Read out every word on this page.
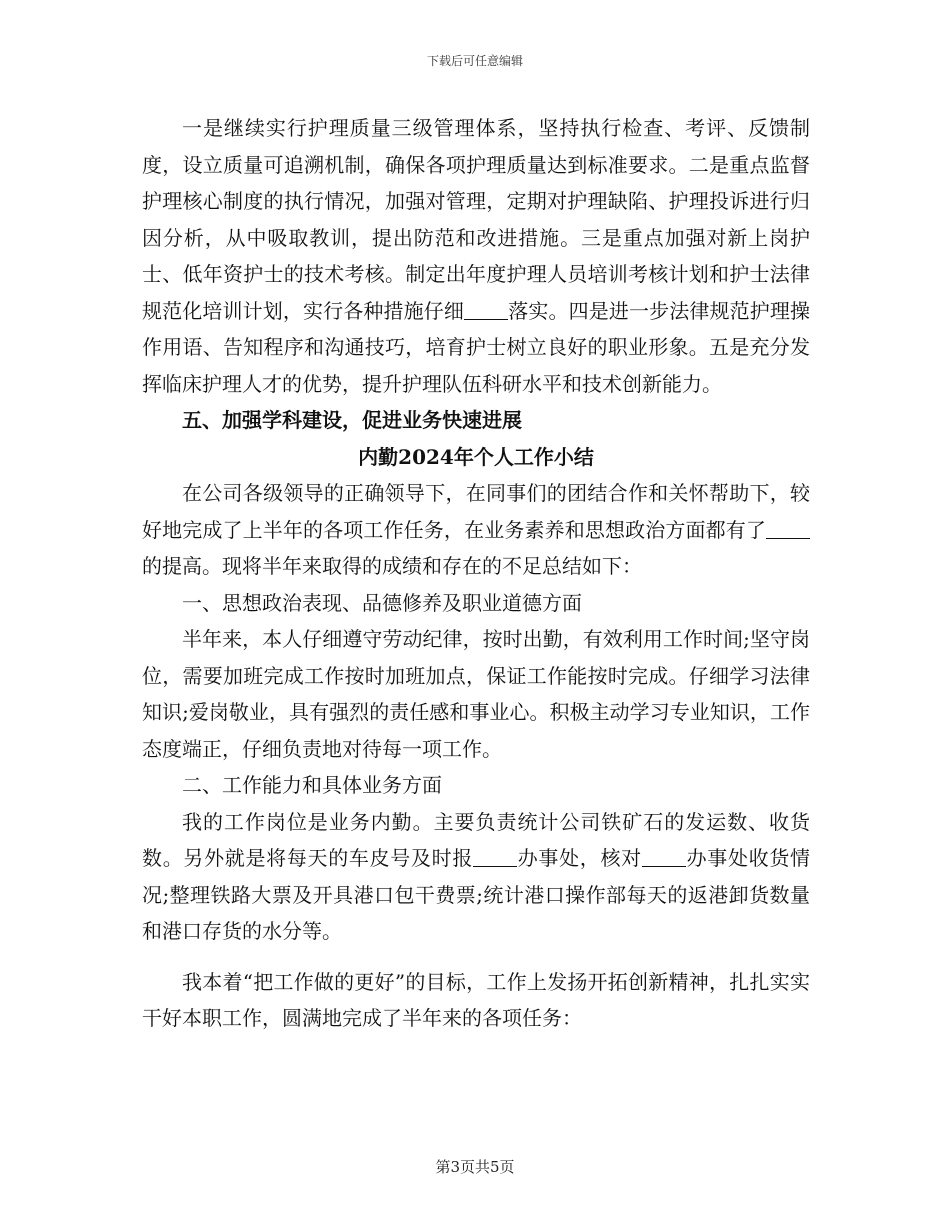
下载后可任意编辑

一是继续实行护理质量三级管理体系，坚持执行检查、考评、反馈制度，设立质量可追溯机制，确保各项护理质量达到标准要求。二是重点监督护理核心制度的执行情况，加强对管理，定期对护理缺陷、护理投诉进行归因分析，从中吸取教训，提出防范和改进措施。三是重点加强对新上岗护士、低年资护士的技术考核。制定出年度护理人员培训考核计划和护士法律规范化培训计划，实行各种措施仔细 落实。四是进一步法律规范护理操作用语、告知程序和沟通技巧，培育护士树立良好的职业形象。五是充分发挥临床护理人才的优势，提升护理队伍科研水平和技术创新能力。

五、加强学科建设，促进业务快速进展

内勤2024年个人工作小结

在公司各级领导的正确领导下，在同事们的团结合作和关怀帮助下，较好地完成了上半年的各项工作任务，在业务素养和思想政治方面都有了的提高。现将半年来取得的成绩和存在的不足总结如下：

一、思想政治表现、品德修养及职业道德方面

半年来，本人仔细遵守劳动纪律，按时出勤，有效利用工作时间;坚守岗位，需要加班完成工作按时加班加点，保证工作能按时完成。仔细学习法律知识;爱岗敬业，具有强烈的责任感和事业心。积极主动学习专业知识，工作态度端正，仔细负责地对待每一项工作。

二、工作能力和具体业务方面

我的工作岗位是业务内勤。主要负责统计公司铁矿石的发运数、收货数。另外就是将每天的车皮号及时报 办事处，核对 办事处收货情况;整理铁路大票及开具港口包干费票;统计港口操作部每天的返港卸货数量和港口存货的水分等。

我本着“把工作做的更好”的目标，工作上发扬开拓创新精神，扎扎实实干好本职工作，圆满地完成了半年来的各项任务：

第3页共5页
